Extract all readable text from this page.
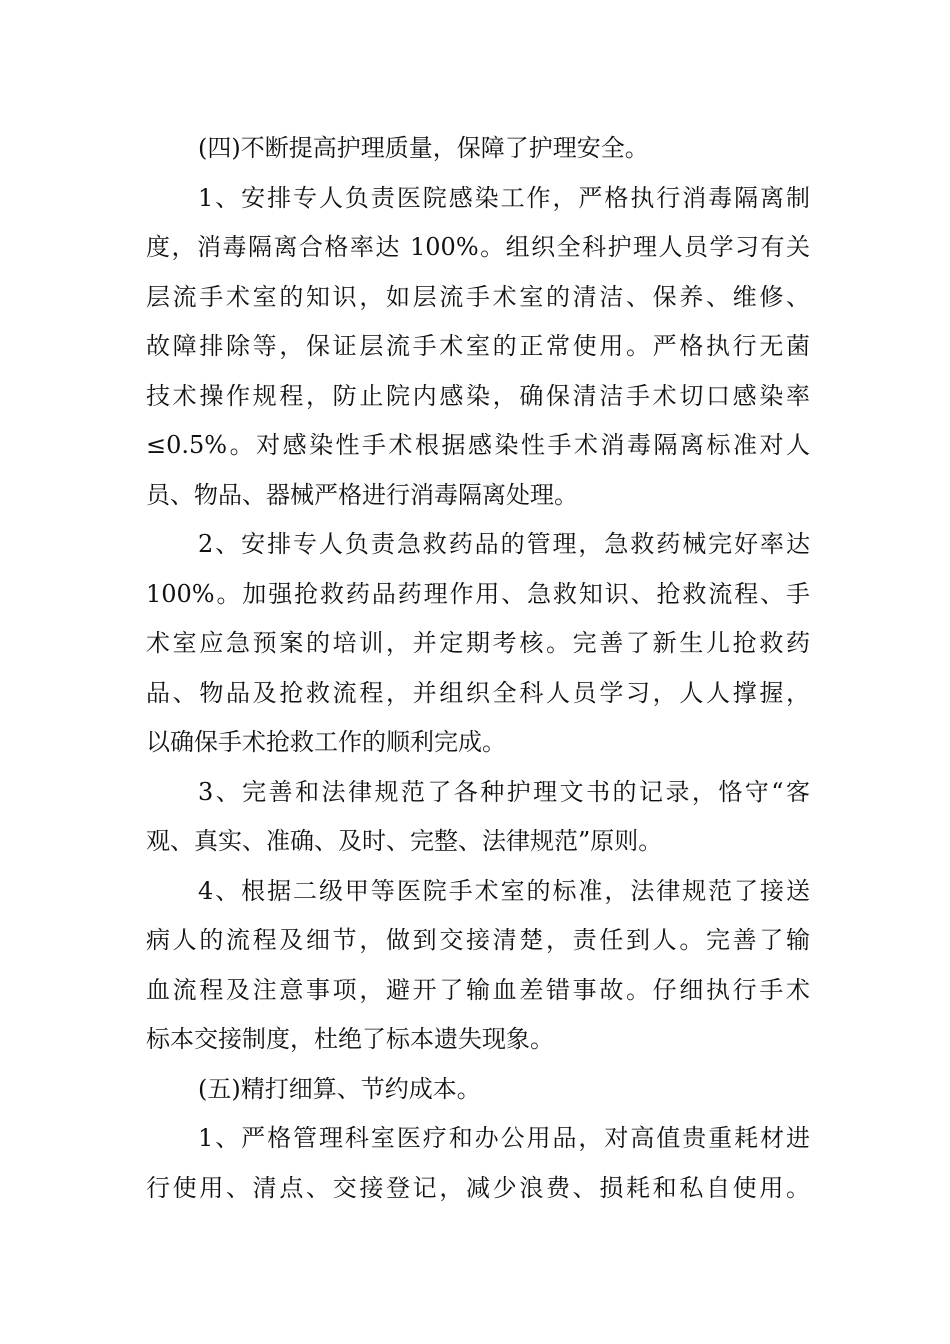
(四)不断提高护理质量，保障了护理安全。
1、安排专人负责医院感染工作，严格执行消毒隔离制
度，消毒隔离合格率达 100%。组织全科护理人员学习有关
层流手术室的知识，如层流手术室的清洁、保养、维修、
故障排除等，保证层流手术室的正常使用。严格执行无菌
技术操作规程，防止院内感染，确保清洁手术切口感染率
≤0.5%。对感染性手术根据感染性手术消毒隔离标准对人
员、物品、器械严格进行消毒隔离处理。
2、安排专人负责急救药品的管理，急救药械完好率达
100%。加强抢救药品药理作用、急救知识、抢救流程、手
术室应急预案的培训，并定期考核。完善了新生儿抢救药
品、物品及抢救流程，并组织全科人员学习，人人撑握，
以确保手术抢救工作的顺利完成。
3、完善和法律规范了各种护理文书的记录，恪守“客
观、真实、准确、及时、完整、法律规范”原则。
4、根据二级甲等医院手术室的标准，法律规范了接送
病人的流程及细节，做到交接清楚，责任到人。完善了输
血流程及注意事项，避开了输血差错事故。仔细执行手术
标本交接制度，杜绝了标本遗失现象。
(五)精打细算、节约成本。
1、严格管理科室医疗和办公用品，对高值贵重耗材进
行使用、清点、交接登记，减少浪费、损耗和私自使用。
